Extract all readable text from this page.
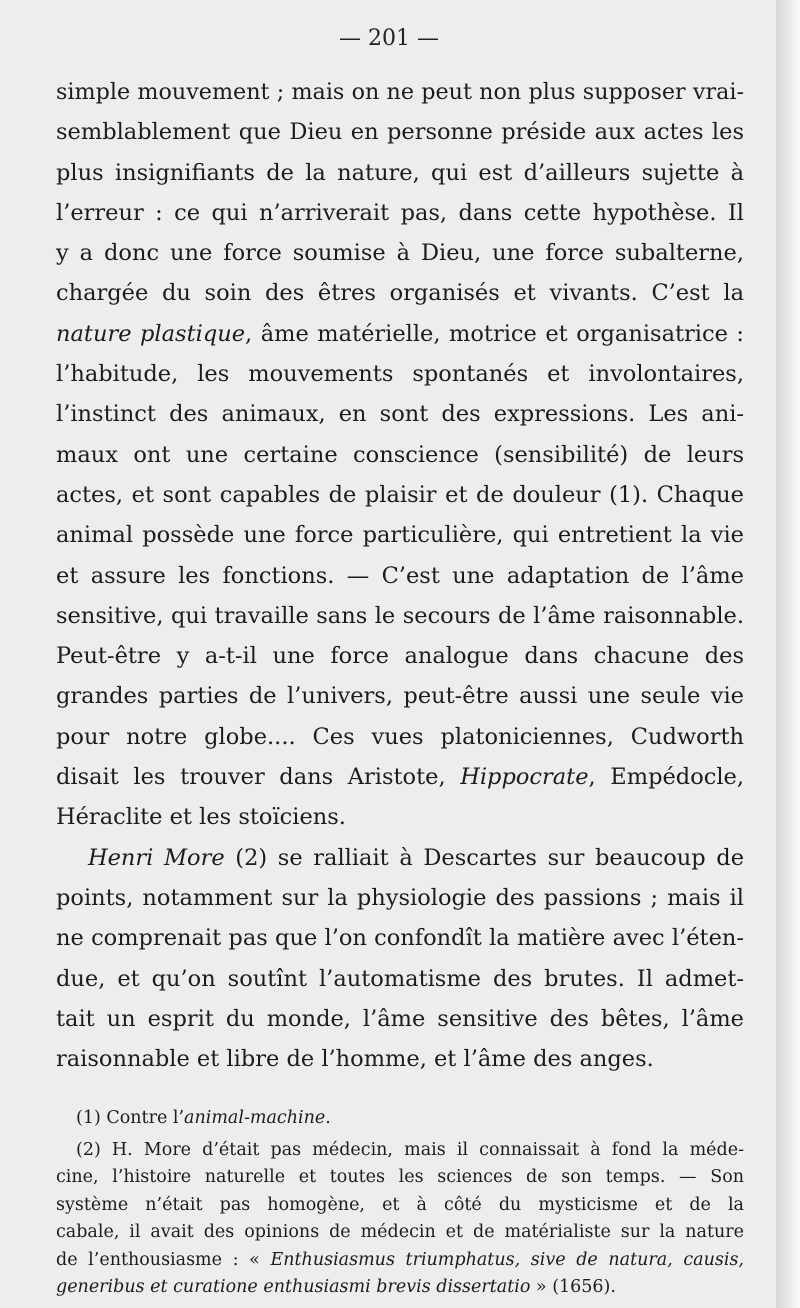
— 201 —
simple mouvement ; mais on ne peut non plus supposer vrai-
semblablement que Dieu en personne préside aux actes les
plus insignifiants de la nature, qui est d’ailleurs sujette à
l’erreur : ce qui n’arriverait pas, dans cette hypothèse. Il
y a donc une force soumise à Dieu, une force subalterne,
chargée du soin des êtres organisés et vivants. C’est la
nature plastique, âme matérielle, motrice et organisatrice :
l’habitude, les mouvements spontanés et involontaires,
l’instinct des animaux, en sont des expressions. Les ani-
maux ont une certaine conscience (sensibilité) de leurs
actes, et sont capables de plaisir et de douleur (1). Chaque
animal possède une force particulière, qui entretient la vie
et assure les fonctions. — C’est une adaptation de l’âme
sensitive, qui travaille sans le secours de l’âme raisonnable.
Peut-être y a-t-il une force analogue dans chacune des
grandes parties de l’univers, peut-être aussi une seule vie
pour notre globe.... Ces vues platoniciennes, Cudworth
disait les trouver dans Aristote, Hippocrate, Empédocle,
Héraclite et les stoïciens.
Henri More (2) se ralliait à Descartes sur beaucoup de
points, notamment sur la physiologie des passions ; mais il
ne comprenait pas que l’on confondît la matière avec l’éten-
due, et qu’on soutînt l’automatisme des brutes. Il admet-
tait un esprit du monde, l’âme sensitive des bêtes, l’âme
raisonnable et libre de l’homme, et l’âme des anges.
(1) Contre l’animal-machine.
(2) H. More d’était pas médecin, mais il connaissait à fond la méde-
cine, l’histoire naturelle et toutes les sciences de son temps. — Son
système n’était pas homogène, et à côté du mysticisme et de la
cabale, il avait des opinions de médecin et de matérialiste sur la nature
de l’enthousiasme : « Enthusiasmus triumphatus, sive de natura, causis,
generibus et curatione enthusiasmi brevis dissertatio » (1656).
